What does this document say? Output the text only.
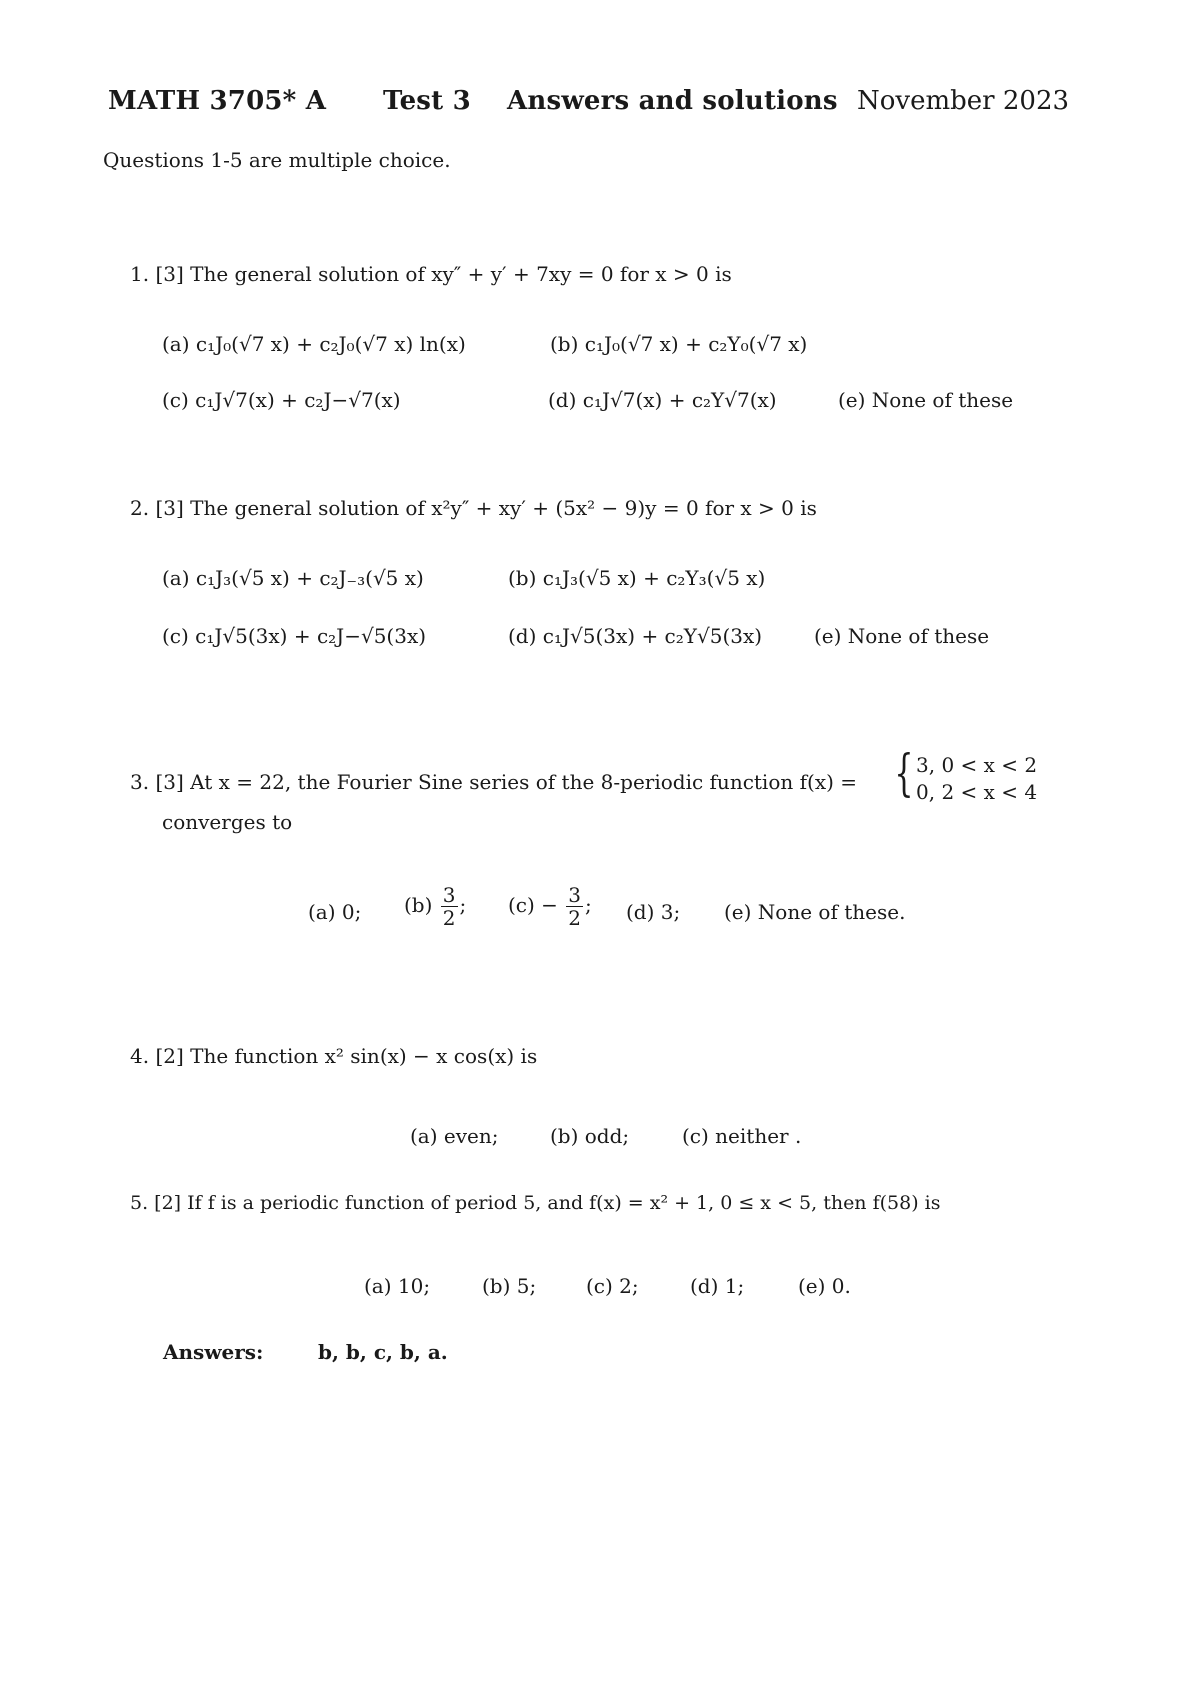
MATH 3705* A Test 3 Answers and solutions November 2023
Questions 1-5 are multiple choice.
1. [3] The general solution of xy″ + y′ + 7xy = 0 for x > 0 is
(a) c₁J₀(√7 x) + c₂J₀(√7 x) ln(x)	(b) c₁J₀(√7 x) + c₂Y₀(√7 x)
(c) c₁J√7(x) + c₂J−√7(x)	(d) c₁J√7(x) + c₂Y√7(x)	(e) None of these
2. [3] The general solution of x²y″ + xy′ + (5x² − 9)y = 0 for x > 0 is
(a) c₁J₃(√5 x) + c₂J₋₃(√5 x)	(b) c₁J₃(√5 x) + c₂Y₃(√5 x)
(c) c₁J√5(3x) + c₂J−√5(3x)	(d) c₁J√5(3x) + c₂Y√5(3x)	(e) None of these
3. [3] At x = 22, the Fourier Sine series of the 8-periodic function f(x) = { 3, 0 < x < 2
0, 2 < x < 4
converges to
(a) 0; $(b) \frac{3}{2}$ ; $(c) - \frac{3}{2}$ ; (d) 3; (e) None of these.
4. [2] The function x² sin(x) − x cos(x) is
(a) even;	(b) odd;	(c) neither .
5. [2] If f is a periodic function of period 5, and f(x) = x² + 1, 0 ≤ x < 5, then f(58) is
(a) 10;	(b) 5; (c) 2;	(d) 1;	(e) 0.
Answers:	b, b, c, b, a.
